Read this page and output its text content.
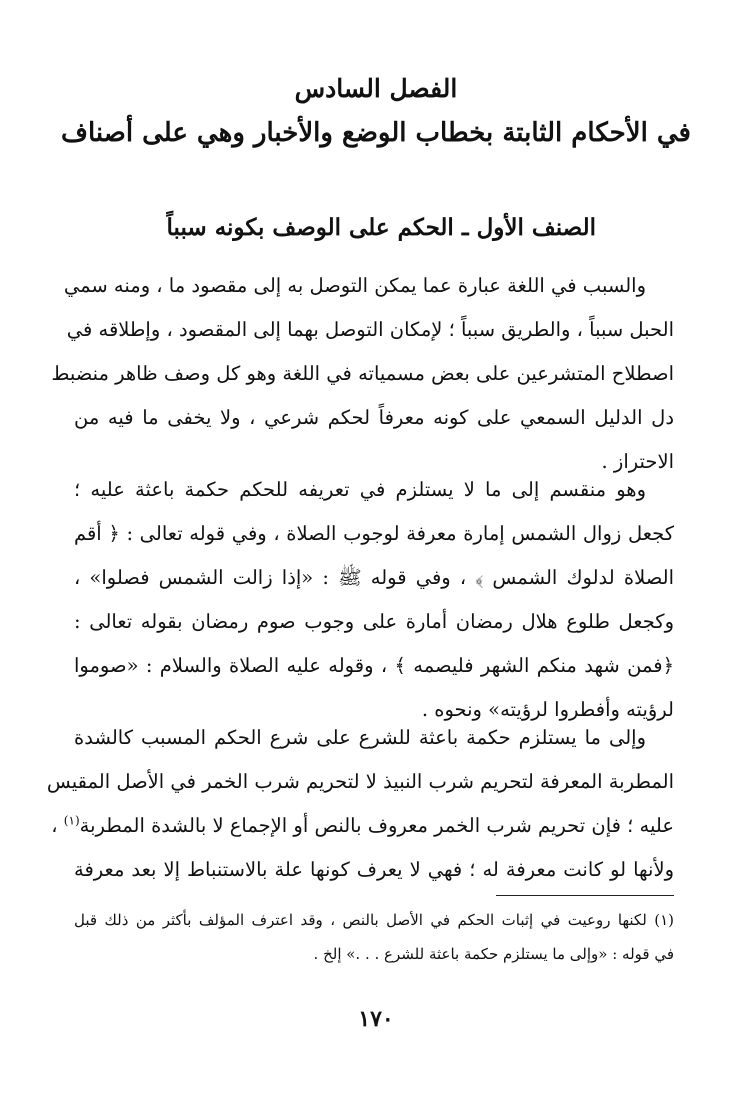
الفصل السادس
في الأحكام الثابتة بخطاب الوضع والأخبار وهي على أصناف
الصنف الأول ـ الحكم على الوصف بكونه سبباً
والسبب في اللغة عبارة عما يمكن التوصل به إلى مقصود ما ، ومنه سمي
الحبل سبباً ، والطريق سبباً ؛ لإمكان التوصل بهما إلى المقصود ، وإطلاقه في
اصطلاح المتشرعين على بعض مسمياته في اللغة وهو كل وصف ظاهر منضبط
دل الدليل السمعي على كونه معرفاً لحكم شرعي ، ولا يخفى ما فيه من
الاحتراز .
وهو منقسم إلى ما لا يستلزم في تعريفه للحكم حكمة باعثة عليه ؛
كجعل زوال الشمس إمارة معرفة لوجوب الصلاة ، وفي قوله تعالى : ﴿ أقم
الصلاة لدلوك الشمس ﴾ ، وفي قوله ﷺ : «إذا زالت الشمس فصلوا» ،
وكجعل طلوع هلال رمضان أمارة على وجوب صوم رمضان بقوله تعالى :
﴿فمن شهد منكم الشهر فليصمه ﴾ ، وقوله عليه الصلاة والسلام : «صوموا
لرؤيته وأفطروا لرؤيته» ونحوه .
وإلى ما يستلزم حكمة باعثة للشرع على شرع الحكم المسبب كالشدة
المطربة المعرفة لتحريم شرب النبيذ لا لتحريم شرب الخمر في الأصل المقيس
عليه ؛ فإن تحريم شرب الخمر معروف بالنص أو الإجماع لا بالشدة المطربة$^{(١)}$ ،
ولأنها لو كانت معرفة له ؛ فهي لا يعرف كونها علة بالاستنباط إلا بعد معرفة
(١) لكنها روعيت في إثبات الحكم في الأصل بالنص ، وقد اعترف المؤلف بأكثر من ذلك قبل
في قوله : «وإلى ما يستلزم حكمة باعثة للشرع . . .» إلخ .
١٧٠
